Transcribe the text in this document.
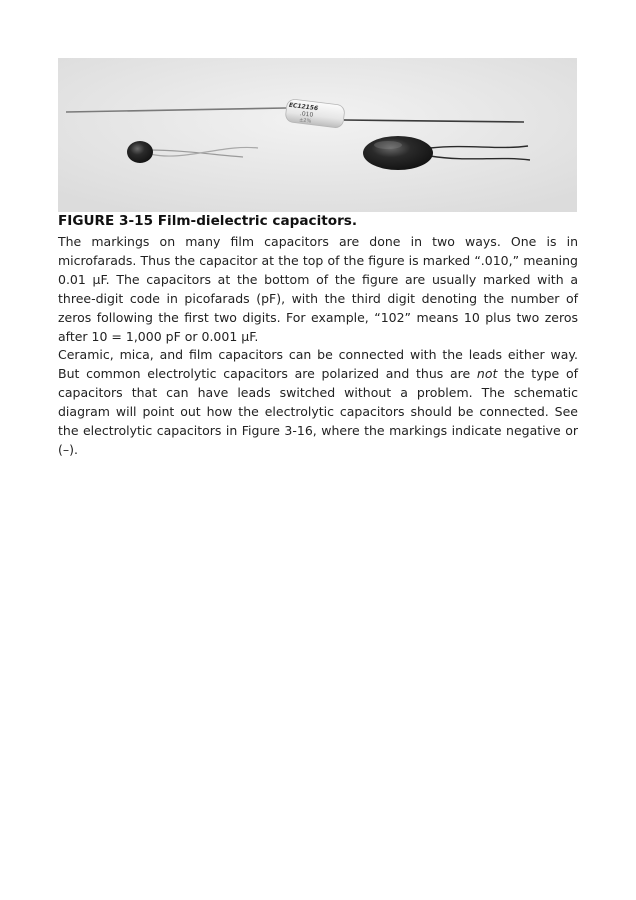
EC12156
.010
±2%

FIGURE 3-15 Film-dielectric capacitors.

The markings on many film capacitors are done in two ways. One is in microfarads. Thus the capacitor at the top of the figure is marked “.010,” meaning 0.01 µF. The capacitors at the bottom of the figure are usually marked with a three-digit code in picofarads (pF), with the third digit denoting the number of zeros following the first two digits. For example, “102” means 10 plus two zeros after 10 = 1,000 pF or 0.001 µF.

Ceramic, mica, and film capacitors can be connected with the leads either way. But common electrolytic capacitors are polarized and thus are not the type of capacitors that can have leads switched without a problem. The schematic diagram will point out how the electrolytic capacitors should be connected. See the electrolytic capacitors in Figure 3-16, where the markings indicate negative or (–).
